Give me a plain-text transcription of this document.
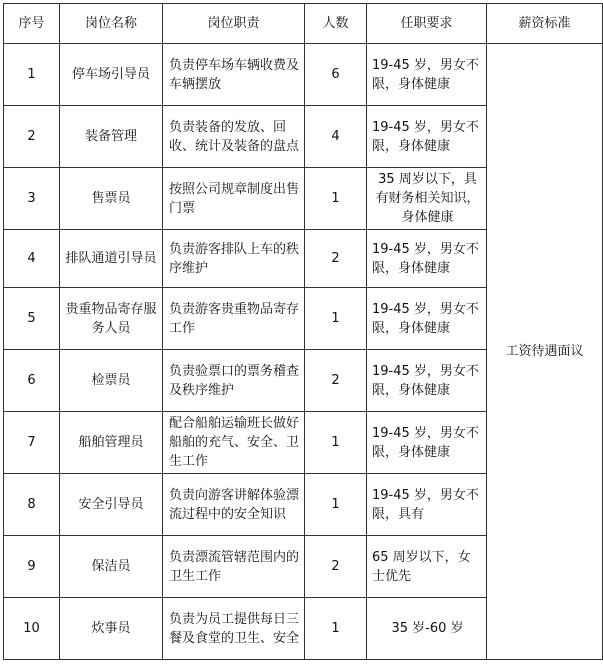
序号	岗位名称	岗位职责	人数	任职要求	薪资标准
1	停车场引导员	负责停车场车辆收费及车辆摆放	6	19-45 岁，男女不限，身体健康	工资待遇面议
2	装备管理	负责装备的发放、回收、统计及装备的盘点	4	19-45 岁，男女不限，身体健康	
3	售票员	按照公司规章制度出售门票	1	35 周岁以下，具有财务相关知识，身体健康	
4	排队通道引导员	负责游客排队上车的秩序维护	2	19-45 岁，男女不限，身体健康	
5	贵重物品寄存服务人员	负责游客贵重物品寄存工作	1	19-45 岁，男女不限，身体健康	
6	检票员	负责验票口的票务稽查及秩序维护	2	19-45 岁，男女不限，身体健康	
7	船舶管理员	配合船舶运输班长做好船舶的充气、安全、卫生工作	1	19-45 岁，男女不限，身体健康	
8	安全引导员	负责向游客讲解体验漂流过程中的安全知识	1	19-45 岁，男女不限，具有	
9	保洁员	负责漂流管辖范围内的卫生工作	2	65 周岁以下，女士优先	
10	炊事员	负责为员工提供每日三餐及食堂的卫生、安全	1	35 岁-60 岁	
